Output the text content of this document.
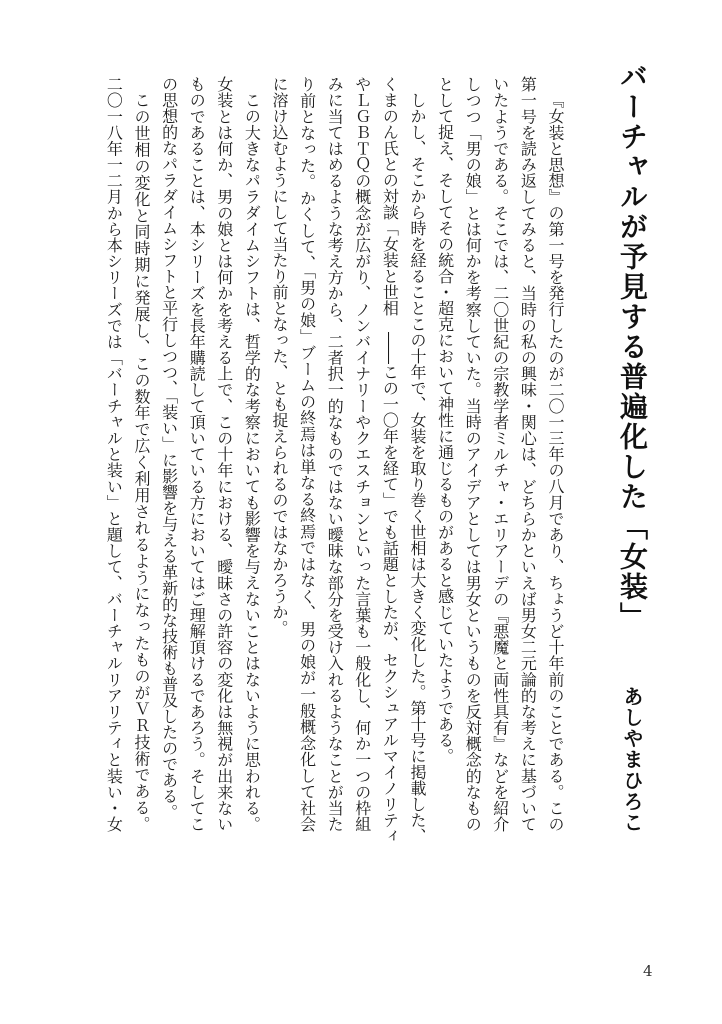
バーチャルが予見する普遍化した「女装」
あしやまひろこ
『女装と思想』の第一号を発行したのが二〇一三年の八月であり、ちょうど十年前のことである。この
第一号を読み返してみると、当時の私の興味・関心は、どちらかといえば男女二元論的な考えに基づいて
いたようである。そこでは、二〇世紀の宗教学者ミルチャ・エリアーデの『悪魔と両性具有』などを紹介
しつつ「男の娘」とは何かを考察していた。当時のアイデアとしては男女というものを反対概念的なもの
として捉え、そしてその統合・超克において神性に通じるものがあると感じていたようである。
しかし、そこから時を経ることこの十年で、女装を取り巻く世相は大きく変化した。第十号に掲載した、
くまのん氏との対談「女装と世相　――この一〇年を経て」でも話題としたが、セクシュアルマイノリティ
やＬＧＢＴＱの概念が広がり、ノンバイナリーやクエスチョンといった言葉も一般化し、何か一つの枠組
みに当てはめるような考え方から、二者択一的なものではない曖昧な部分を受け入れるようなことが当た
り前となった。かくして、「男の娘」ブームの終焉は単なる終焉ではなく、男の娘が一般概念化して社会
に溶け込むようにして当たり前となった、とも捉えられるのではなかろうか。
この大きなパラダイムシフトは、哲学的な考察においても影響を与えないことはないように思われる。
女装とは何か、男の娘とは何かを考える上で、この十年における、曖昧さの許容の変化は無視が出来ない
ものであることは、本シリーズを長年購読して頂いている方においてはご理解頂けるであろう。そしてこ
の思想的なパラダイムシフトと平行しつつ、「装い」に影響を与える革新的な技術も普及したのである。
この世相の変化と同時期に発展し、この数年で広く利用されるようになったものがＶＲ技術である。
二〇一八年一二月から本シリーズでは「バーチャルと装い」と題して、バーチャルリアリティと装い・女
4
